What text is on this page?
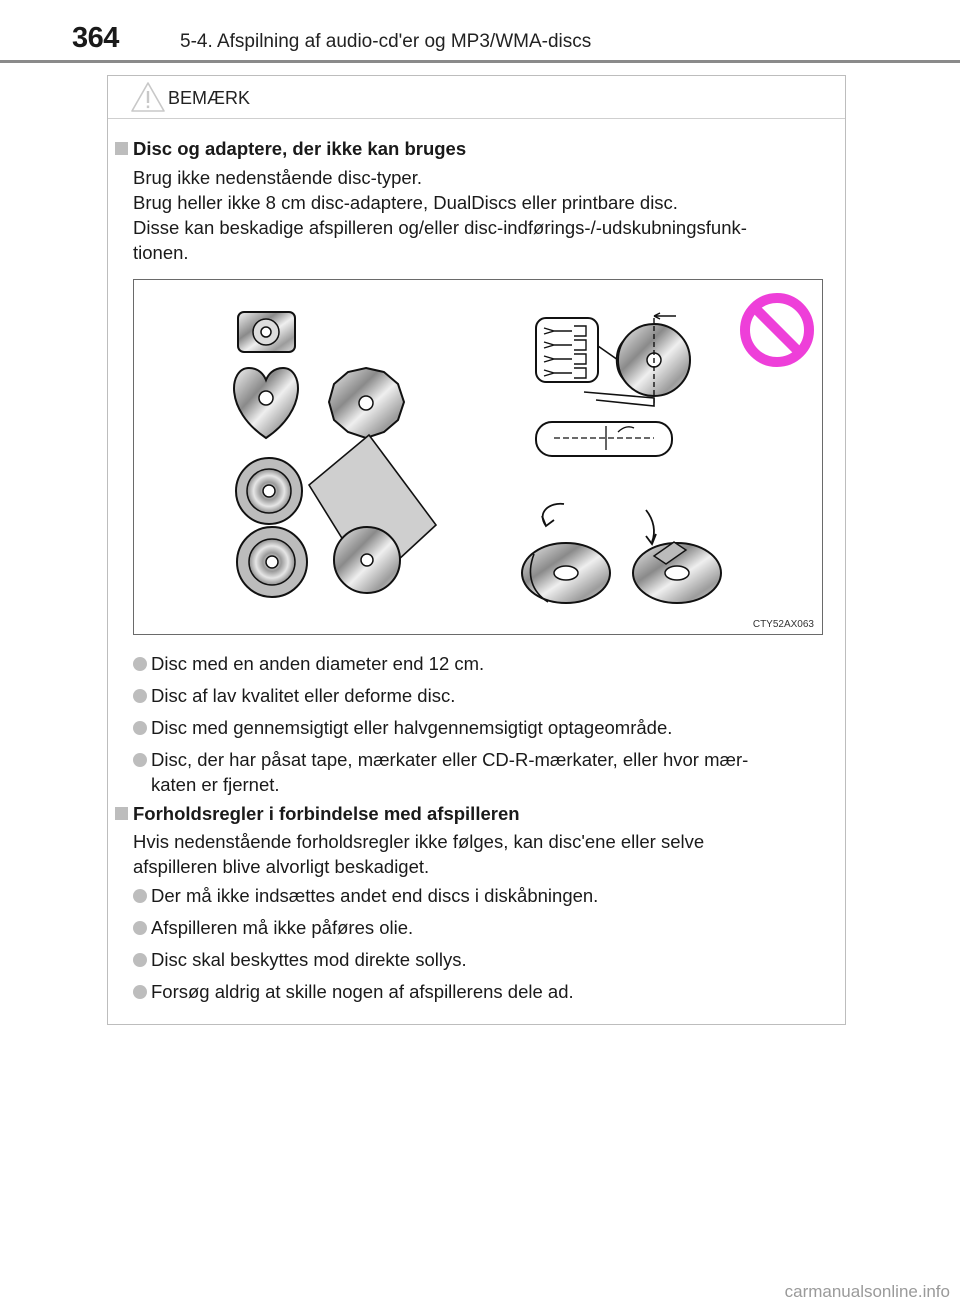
364	5-4. Afspilning af audio-cd'er og MP3/WMA-discs
BEMÆRK
Disc og adaptere, der ikke kan bruges
Brug ikke nedenstående disc-typer.
Brug heller ikke 8 cm disc-adaptere, DualDiscs eller printbare disc.
Disse kan beskadige afspilleren og/eller disc-indførings-/-udskubningsfunk-
tionen.
CTY52AX063
Disc med en anden diameter end 12 cm.
Disc af lav kvalitet eller deforme disc.
Disc med gennemsigtigt eller halvgennemsigtigt optageområde.
Disc, der har påsat tape, mærkater eller CD-R-mærkater, eller hvor mær-
katen er fjernet.
Forholdsregler i forbindelse med afspilleren
Hvis nedenstående forholdsregler ikke følges, kan disc'ene eller selve
afspilleren blive alvorligt beskadiget.
Der må ikke indsættes andet end discs i diskåbningen.
Afspilleren må ikke påføres olie.
Disc skal beskyttes mod direkte sollys.
Forsøg aldrig at skille nogen af afspillerens dele ad.
carmanualsonline.info
